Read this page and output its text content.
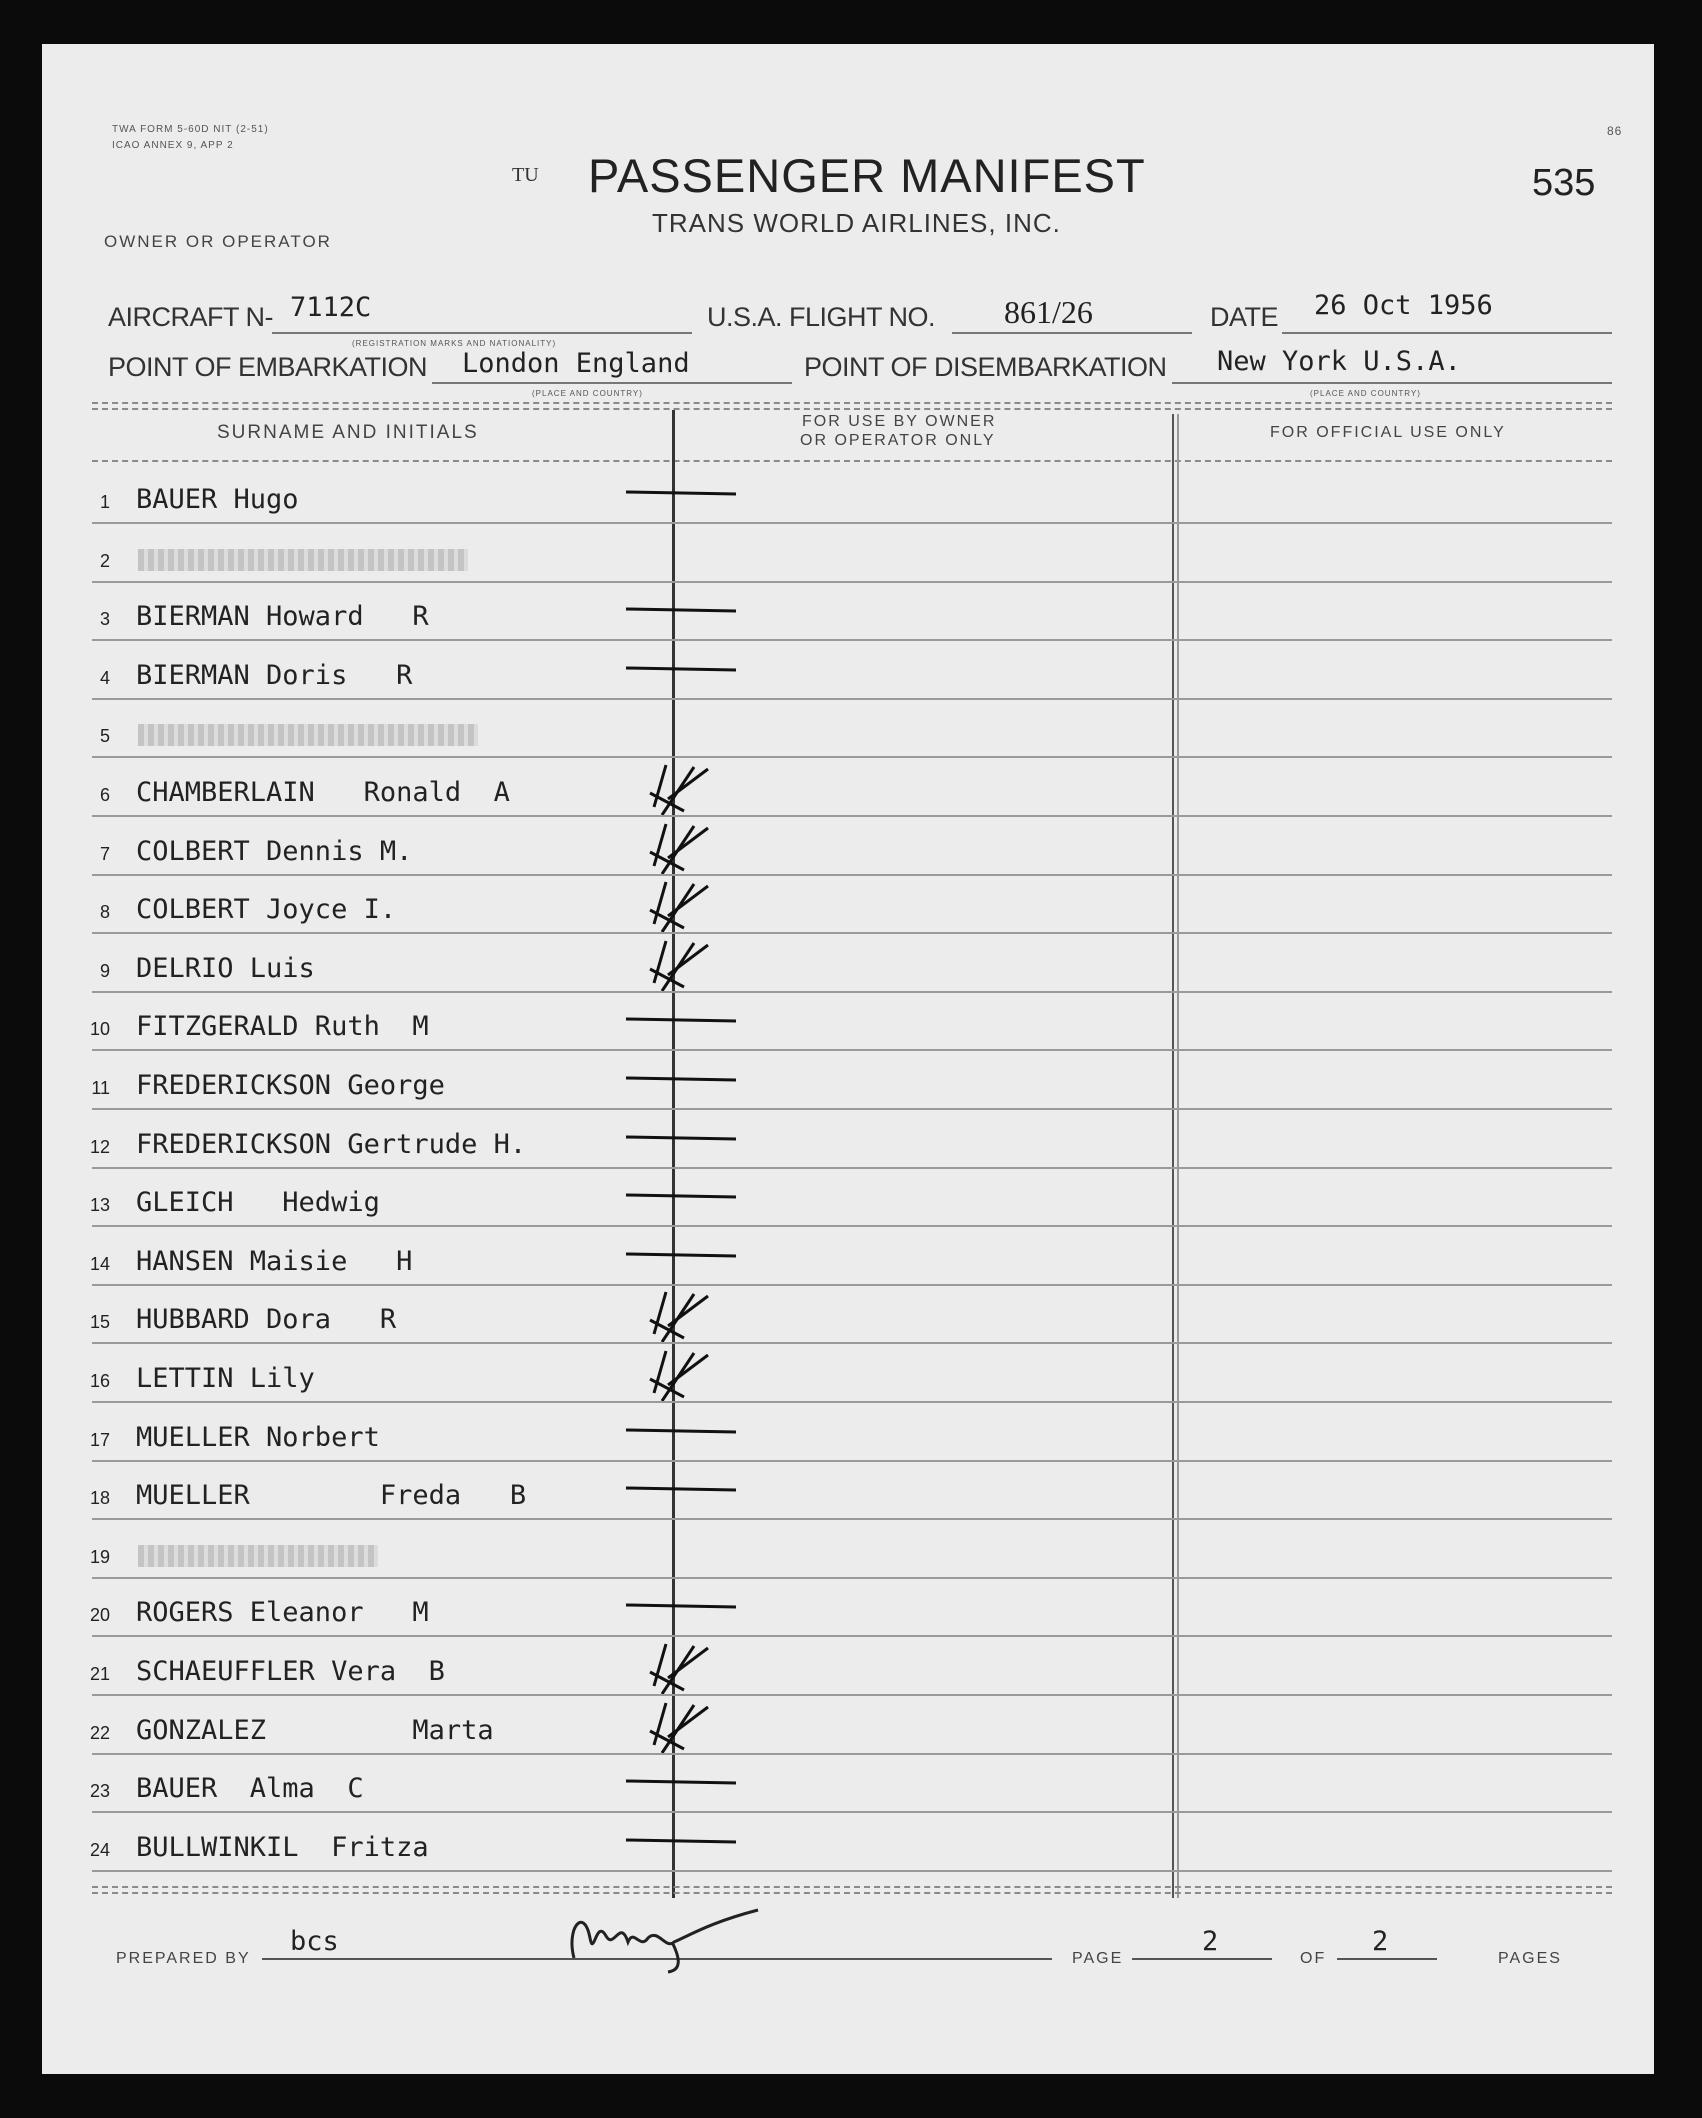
TWA FORM 5-60D NIT (2-51)
ICAO ANNEX 9, APP 2
86
TU PASSENGER MANIFEST
TRANS WORLD AIRLINES, INC.
535
OWNER OR OPERATOR
AIRCRAFT N- 7112C
(REGISTRATION MARKS AND NATIONALITY)
U.S.A. FLIGHT NO. 861/26	DATE 26 Oct 1956
POINT OF EMBARKATION London England
(PLACE AND COUNTRY)
POINT OF DISEMBARKATION New York U.S.A.
(PLACE AND COUNTRY)
SURNAME AND INITIALS
FOR USE BY OWNER
OR OPERATOR ONLY	FOR OFFICIAL USE ONLY
1 BAUER Hugo
2
3 BIERMAN Howard   R
4 BIERMAN Doris   R
5
6 CHAMBERLAIN   Ronald  A
7 COLBERT Dennis M.
8 COLBERT Joyce I.
9 DELRIO Luis
10 FITZGERALD Ruth  M
11 FREDERICKSON George
12 FREDERICKSON Gertrude H.
13 GLEICH   Hedwig
14 HANSEN Maisie   H
15 HUBBARD Dora   R
16 LETTIN Lily
17 MUELLER Norbert
18 MUELLER        Freda   B
19
20 ROGERS Eleanor   M
21 SCHAEUFFLER Vera  B
22 GONZALEZ         Marta
23 BAUER  Alma  C
24 BULLWINKIL  Fritza
PREPARED BY
bcs
PAGE
2
OF
2
PAGES
